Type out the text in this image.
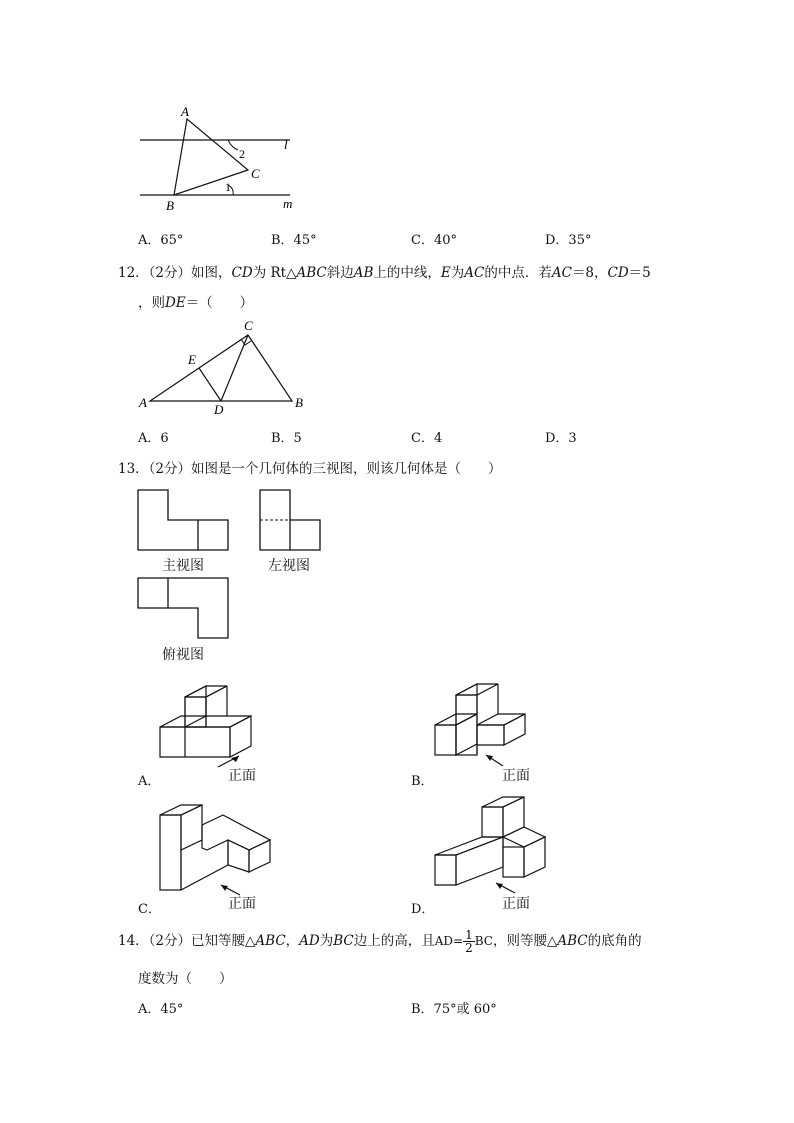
A
B
C
l
m
1
2
A．65°	B．45°	C．40°	D．35°
12．（2分）如图，CD为 Rt△ABC斜边AB上的中线，E为AC的中点．若AC＝8，CD＝5
，则DE＝（　　）
A	B
C
D
E
A．6	B．5	C．4	D．3
13．（2分）如图是一个几何体的三视图，则该几何体是（　　）
主视图	左视图
俯视图
正面
A．	正面
B．
正面
C．	正面
D．
14．（2分）已知等腰△ABC，AD为BC边上的高，且$AD= \frac{1}{2}$ BC，则等腰△ABC的底角的
度数为（　　）
A．45°	B．75°或 60°
